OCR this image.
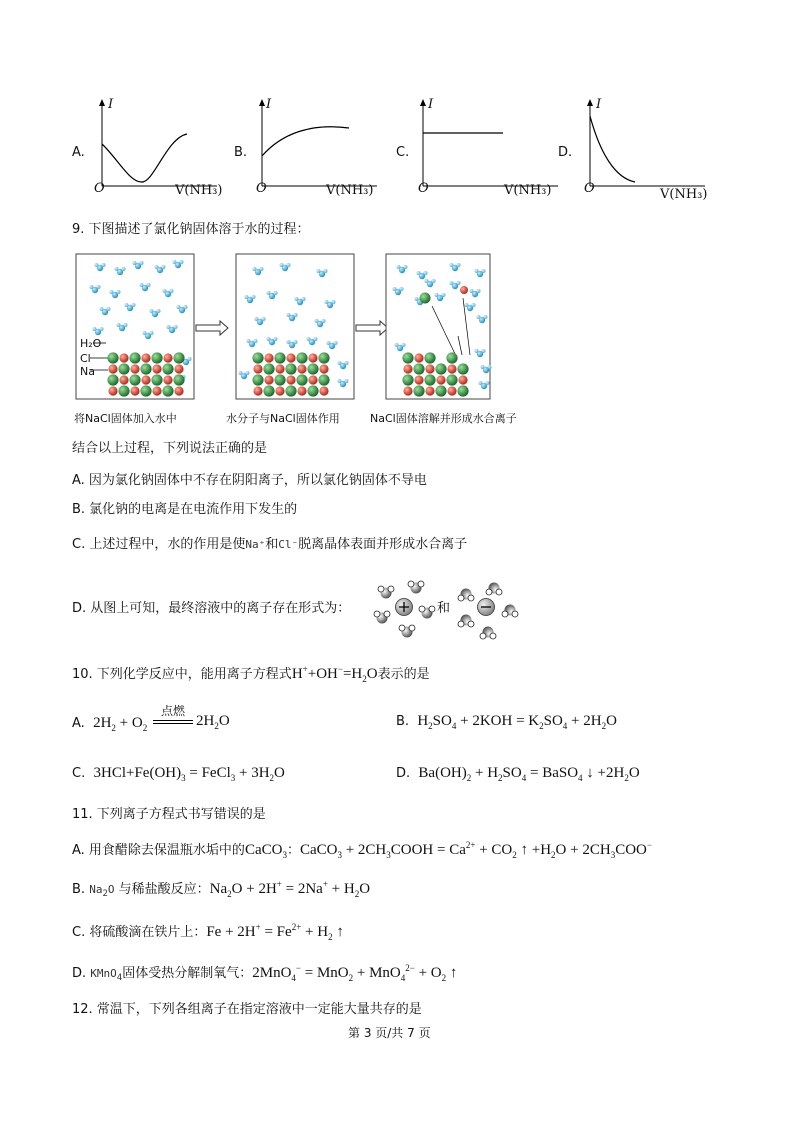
A.
I
O	V(NH₃)
B.
I
O	V(NH₃)
C.
I
O	V(NH₃)
D.
I
O	V(NH₃)
9. 下图描述了氯化钠固体溶于水的过程：
H₂O
Cl
Na
将NaCl固体加入水中	水分子与NaCl固体作用	NaCl固体溶解并形成水合离子
结合以上过程，下列说法正确的是
A. 因为氯化钠固体中不存在阴阳离子，所以氯化钠固体不导电
B. 氯化钠的电离是在电流作用下发生的
C. 上述过程中，水的作用是使Na⁺和Cl⁻脱离晶体表面并形成水合离子
D. 从图上可知，最终溶液中的离子存在形式为：	和
10. 下列化学反应中，能用离子方程式$H^++OH^-=H_2O$表示的是
A. $2H_2 + O_2$
点燃
$2H_2O$	B. $H_2SO_4 + 2KOH = K_2SO_4 + 2H_2O$
C. $3HCl+Fe(OH)_3$ = FeCl$_3$ + $3H_2O$	D. $Ba(OH)_2 + H_2SO_4$ = BaSO$_4$ ↓ $+2H_2O$
11. 下列离子方程式书写错误的是
A. 用食醋除去保温瓶水垢中的CaCO$_3$：CaCO$_3$ + $2CH_3COOH = Ca^{2+} + CO_2$ ↑ $+H_2O + 2CH_3COO^-$
B. $Na_2O$ 与稀盐酸反应：$Na_2O + 2H^+ = 2Na^+ + H_2O$
C. 将硫酸滴在铁片上：$Fe + 2H^+ = Fe^{2+} + H_2$ ↑
D. KMnO$_4$固体受热分解制氧气：$2MnO_4^- = MnO_2 + MnO_4^{2-} + O_2$ ↑
12. 常温下，下列各组离子在指定溶液中一定能大量共存的是
第 3 页/共 7 页
